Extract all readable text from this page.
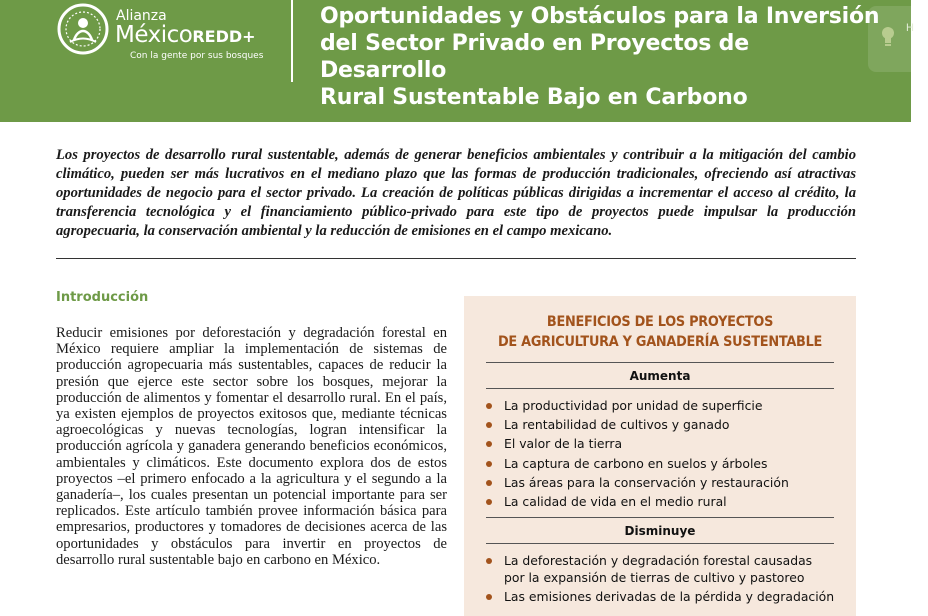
Alianza
MéxicoREDD+
Con la gente por sus bosques
Oportunidades y Obstáculos para la Inversión
del Sector Privado en Proyectos de Desarrollo
Rural Sustentable Bajo en Carbono
H

Los proyectos de desarrollo rural sustentable, además de generar beneficios ambientales y contribuir a la mitigación del cambio climático, pueden ser más lucrativos en el mediano plazo que las formas de producción tradicionales, ofreciendo así atractivas oportunidades de negocio para el sector privado. La creación de políticas públicas dirigidas a incrementar el acceso al crédito, la transferencia tecnológica y el financiamiento público-privado para este tipo de proyectos puede impulsar la producción agropecuaria, la conservación ambiental y la reducción de emisiones en el campo mexicano.

Introducción

Reducir emisiones por deforestación y degradación forestal en México requiere ampliar la implementación de sistemas de producción agropecuaria más sustentables, capaces de reducir la presión que ejerce este sector sobre los bosques, mejorar la producción de alimentos y fomentar el desarrollo rural. En el país, ya existen ejemplos de proyectos exitosos que, mediante técnicas agroecológicas y nuevas tecnologías, logran intensificar la producción agrícola y ganadera generando beneficios económicos, ambientales y climáticos. Este documento explora dos de estos proyectos –el primero enfocado a la agricultura y el segundo a la ganadería–, los cuales presentan un potencial importante para ser replicados. Este artículo también provee información básica para empresarios, productores y tomadores de decisiones acerca de las oportunidades y obstáculos para invertir en proyectos de desarrollo rural sustentable bajo en carbono en México.

BENEFICIOS DE LOS PROYECTOS
DE AGRICULTURA Y GANADERÍA SUSTENTABLE
Aumenta
La productividad por unidad de superficie
La rentabilidad de cultivos y ganado
El valor de la tierra
La captura de carbono en suelos y árboles
Las áreas para la conservación y restauración
La calidad de vida en el medio rural
Disminuye
La deforestación y degradación forestal causadas por la expansión de tierras de cultivo y pastoreo
Las emisiones derivadas de la pérdida y degradación
